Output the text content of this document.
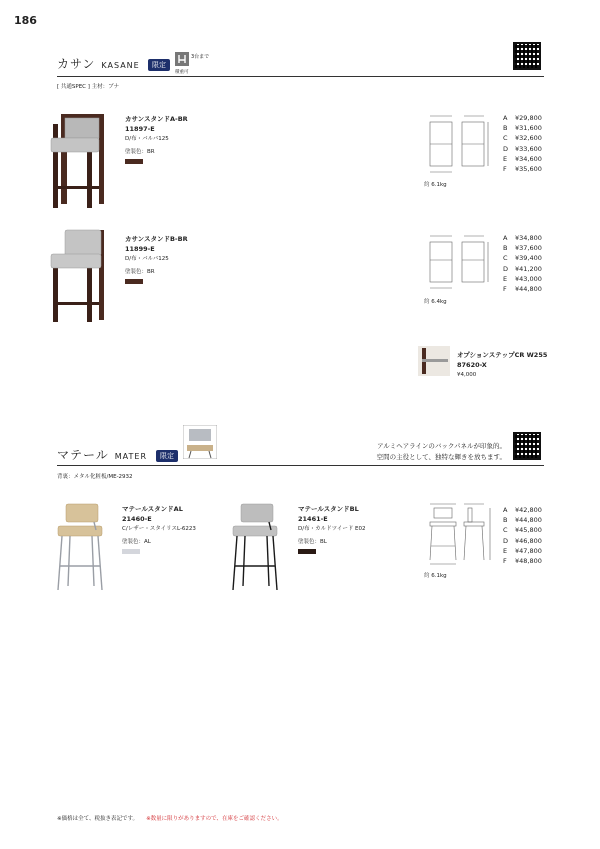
186
カサン KASANE	限定
3台まで
積重可
[ 共通SPEC ] 主材：ブナ
カサンスタンドA-BR
11897-E
D/布・バルバ125
塗装色：BR
約 6.1kg
A ¥29,800
B ¥31,600
C ¥32,600
D ¥33,600
E ¥34,600
F ¥35,600
カサンスタンドB-BR
11899-E
D/布・バルバ125
塗装色：BR
約 6.4kg
A ¥34,800
B ¥37,600
C ¥39,400
D ¥41,200
E ¥43,000
F ¥44,800
オプションステップCR W255
87620-X
¥4,000
マテール MATER	限定
アルミヘアラインのバックパネルが印象的。
空間の主役として、独特な輝きを放ちます。
背裏：メタル化粧板/ME-2932
マテールスタンドAL
21460-E
C/レザー・スタイリスL-6223
塗装色：AL
マテールスタンドBL
21461-E
D/布・カルドツイード E02
塗装色：BL
約 6.1kg
A ¥42,800
B ¥44,800
C ¥45,800
D ¥46,800
E ¥47,800
F ¥48,800
※価格は全て、税抜き表記です。 ※数量に限りがありますので、在庫をご確認ください。
